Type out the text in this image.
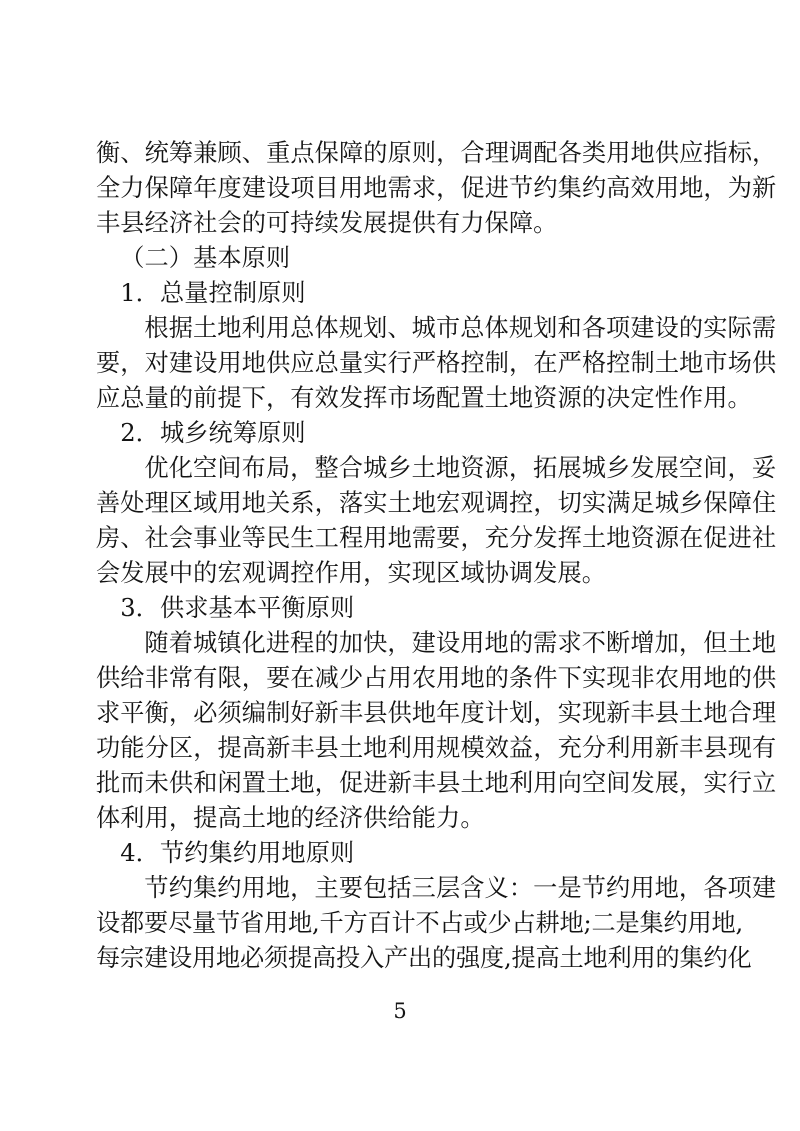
衡 、 统 筹 兼 顾 、 重 点 保 障 的 原 则 ， 合 理 调 配 各 类 用 地 供 应 指 标 ，
全 力 保 障 年 度 建 设 项 目 用 地 需 求 ， 促 进 节 约 集 约 高 效 用 地 ， 为 新
丰县经济社会的可持续发展提供有力保障。
（二）基本原则
1．总量控制原则
根 据 土 地 利 用 总 体 规 划 、 城 市 总 体 规 划 和 各 项 建 设 的 实 际 需
要 ， 对 建 设 用 地 供 应 总 量 实 行 严 格 控 制 ， 在 严 格 控 制 土 地 市 场 供
应总量的前提下，有效发挥市场配置土地资源的决定性作用。
2．城乡统筹原则
优 化 空 间 布 局 ， 整 合 城 乡 土 地 资 源 ， 拓 展 城 乡 发 展 空 间 ， 妥
善 处 理 区 域 用 地 关 系 ， 落 实 土 地 宏 观 调 控 ， 切 实 满 足 城 乡 保 障 住
房 、 社 会 事 业 等 民 生 工 程 用 地 需 要 ， 充 分 发 挥 土 地 资 源 在 促 进 社
会发展中的宏观调控作用，实现区域协调发展。
3．供求基本平衡原则
随 着 城 镇 化 进 程 的 加 快 ， 建 设 用 地 的 需 求 不 断 增 加 ， 但 土 地
供 给 非 常 有 限 ， 要 在 减 少 占 用 农 用 地 的 条 件 下 实 现 非 农 用 地 的 供
求 平 衡 ， 必 须 编 制 好 新 丰 县 供 地 年 度 计 划 ， 实 现 新 丰 县 土 地 合 理
功 能 分 区 ， 提 高 新 丰 县 土 地 利 用 规 模 效 益 ， 充 分 利 用 新 丰 县 现 有
批 而 未 供 和 闲 置 土 地 ， 促 进 新 丰 县 土 地 利 用 向 空 间 发 展 ， 实 行 立
体利用，提高土地的经济供给能力。
4．节约集约用地原则
节 约 集 约 用 地 ， 主 要 包 括 三 层 含 义 ： 一 是 节 约 用 地 ， 各 项 建
设 都 要 尽 量 节 省 用 地 , 千 方 百 计 不 占 或 少 占 耕 地 ; 二 是 集 约 用 地 ,
每 宗 建 设 用 地 必 须 提 高 投 入 产 出 的 强 度 , 提 高 土 地 利 用 的 集 约 化
5
